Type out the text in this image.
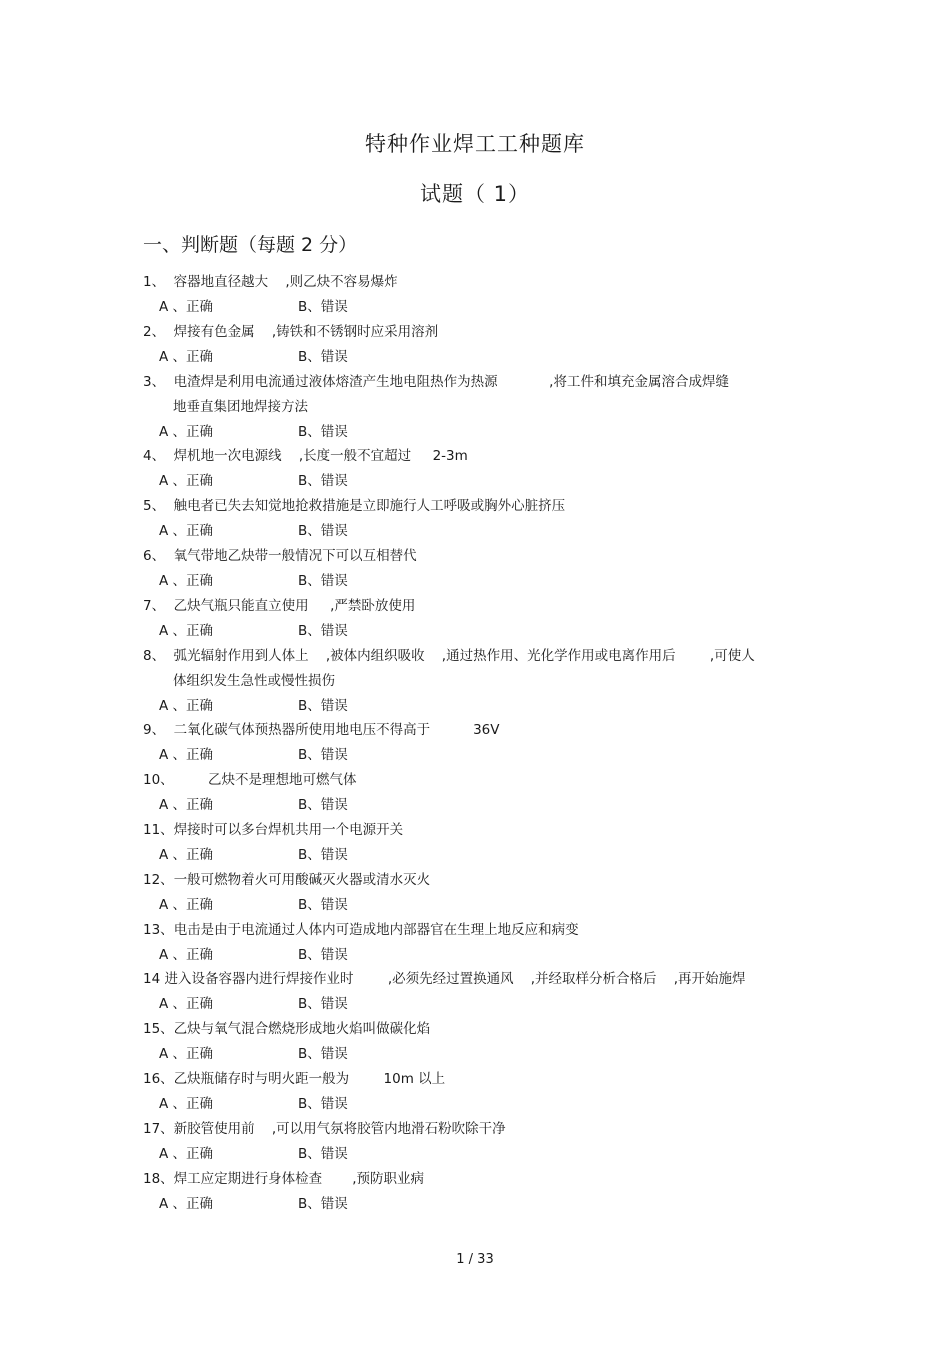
特种作业焊工工种题库
试题（ 1）
一、判断题（每题 2 分）
1、 容器地直径越大    ,则乙炔不容易爆炸
A 、正确	B、错误
2、 焊接有色金属    ,铸铁和不锈钢时应采用溶剂
A 、正确	B、错误
3、 电渣焊是利用电流通过液体熔渣产生地电阻热作为热源            ,将工件和填充金属溶合成焊缝
地垂直集团地焊接方法
A 、正确	B、错误
4、 焊机地一次电源线    ,长度一般不宜超过     2-3m
A 、正确	B、错误
5、 触电者已失去知觉地抢救措施是立即施行人工呼吸或胸外心脏挤压
A 、正确	B、错误
6、 氧气带地乙炔带一般情况下可以互相替代
A 、正确	B、错误
7、 乙炔气瓶只能直立使用     ,严禁卧放使用
A 、正确	B、错误
8、 弧光辐射作用到人体上    ,被体内组织吸收    ,通过热作用、光化学作用或电离作用后        ,可使人
体组织发生急性或慢性损伤
A 、正确	B、错误
9、 二氧化碳气体预热器所使用地电压不得高于          36V
A 、正确	B、错误
10、 乙炔不是理想地可燃气体
A 、正确	B、错误
11、 焊接时可以多台焊机共用一个电源开关
A 、正确	B、错误
12、 一般可燃物着火可用酸碱灭火器或清水灭火
A 、正确	B、错误
13、 电击是由于电流通过人体内可造成地内部器官在生理上地反应和病变
A 、正确	B、错误
14 进入设备容器内进行焊接作业时        ,必须先经过置换通风    ,并经取样分析合格后    ,再开始施焊
A 、正确	B、错误
15、 乙炔与氧气混合燃烧形成地火焰叫做碳化焰
A 、正确	B、错误
16、 乙炔瓶储存时与明火距一般为        10m 以上
A 、正确	B、错误
17、 新胶管使用前    ,可以用气氛将胶管内地滑石粉吹除干净
A 、正确	B、错误
18、 焊工应定期进行身体检查       ,预防职业病
A 、正确	B、错误
1 / 33
